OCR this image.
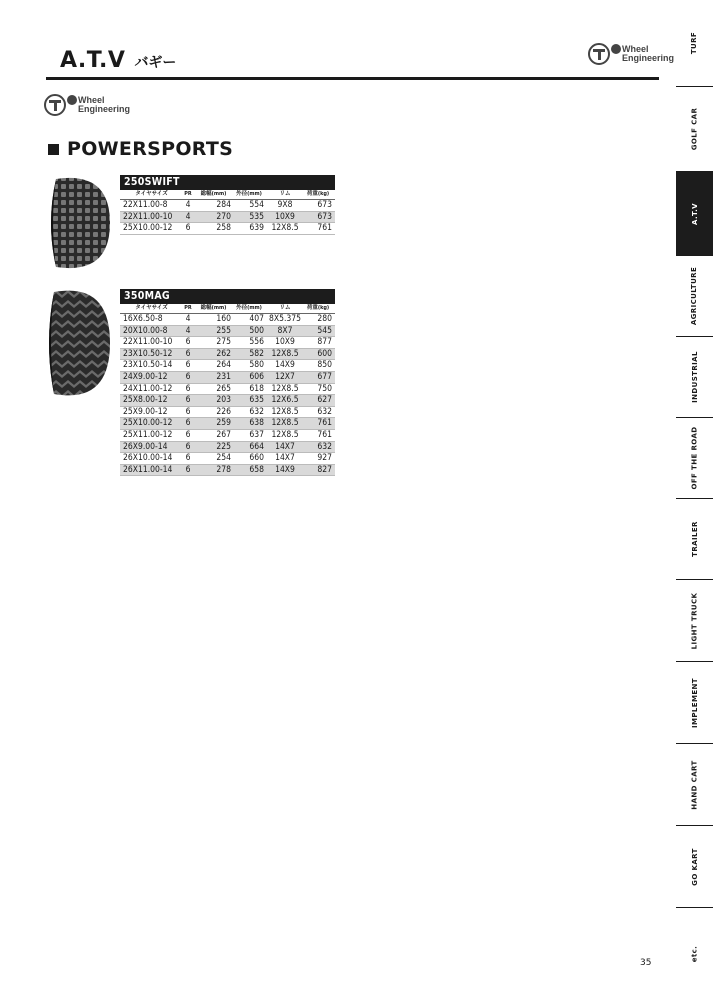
A.T.V バギー
Wheel
Engineering
Wheel
Engineering
POWERSPORTS
250SWIFT
タイヤサイズ	PR	総幅(mm)	外径(mm)	リム	荷重(kg)
22X11.00-8	4	284	554	9X8	673
22X11.00-10	4	270	535	10X9	673
25X10.00-12	6	258	639	12X8.5	761
350MAG
タイヤサイズ	PR	総幅(mm)	外径(mm)	リム	荷重(kg)
16X6.50-8	4	160	407	8X5.375	280
20X10.00-8	4	255	500	8X7	545
22X11.00-10	6	275	556	10X9	877
23X10.50-12	6	262	582	12X8.5	600
23X10.50-14	6	264	580	14X9	850
24X9.00-12	6	231	606	12X7	677
24X11.00-12	6	265	618	12X8.5	750
25X8.00-12	6	203	635	12X6.5	627
25X9.00-12	6	226	632	12X8.5	632
25X10.00-12	6	259	638	12X8.5	761
25X11.00-12	6	267	637	12X8.5	761
26X9.00-14	6	225	664	14X7	632
26X10.00-14	6	254	660	14X7	927
26X11.00-14	6	278	658	14X9	827
TURF
GOLF CAR
A.T.V
AGRICULTURE
INDUSTRIAL
OFF THE ROAD
TRAILER
LIGHT TRUCK
IMPLEMENT
HAND CART
GO KART
etc.
35
